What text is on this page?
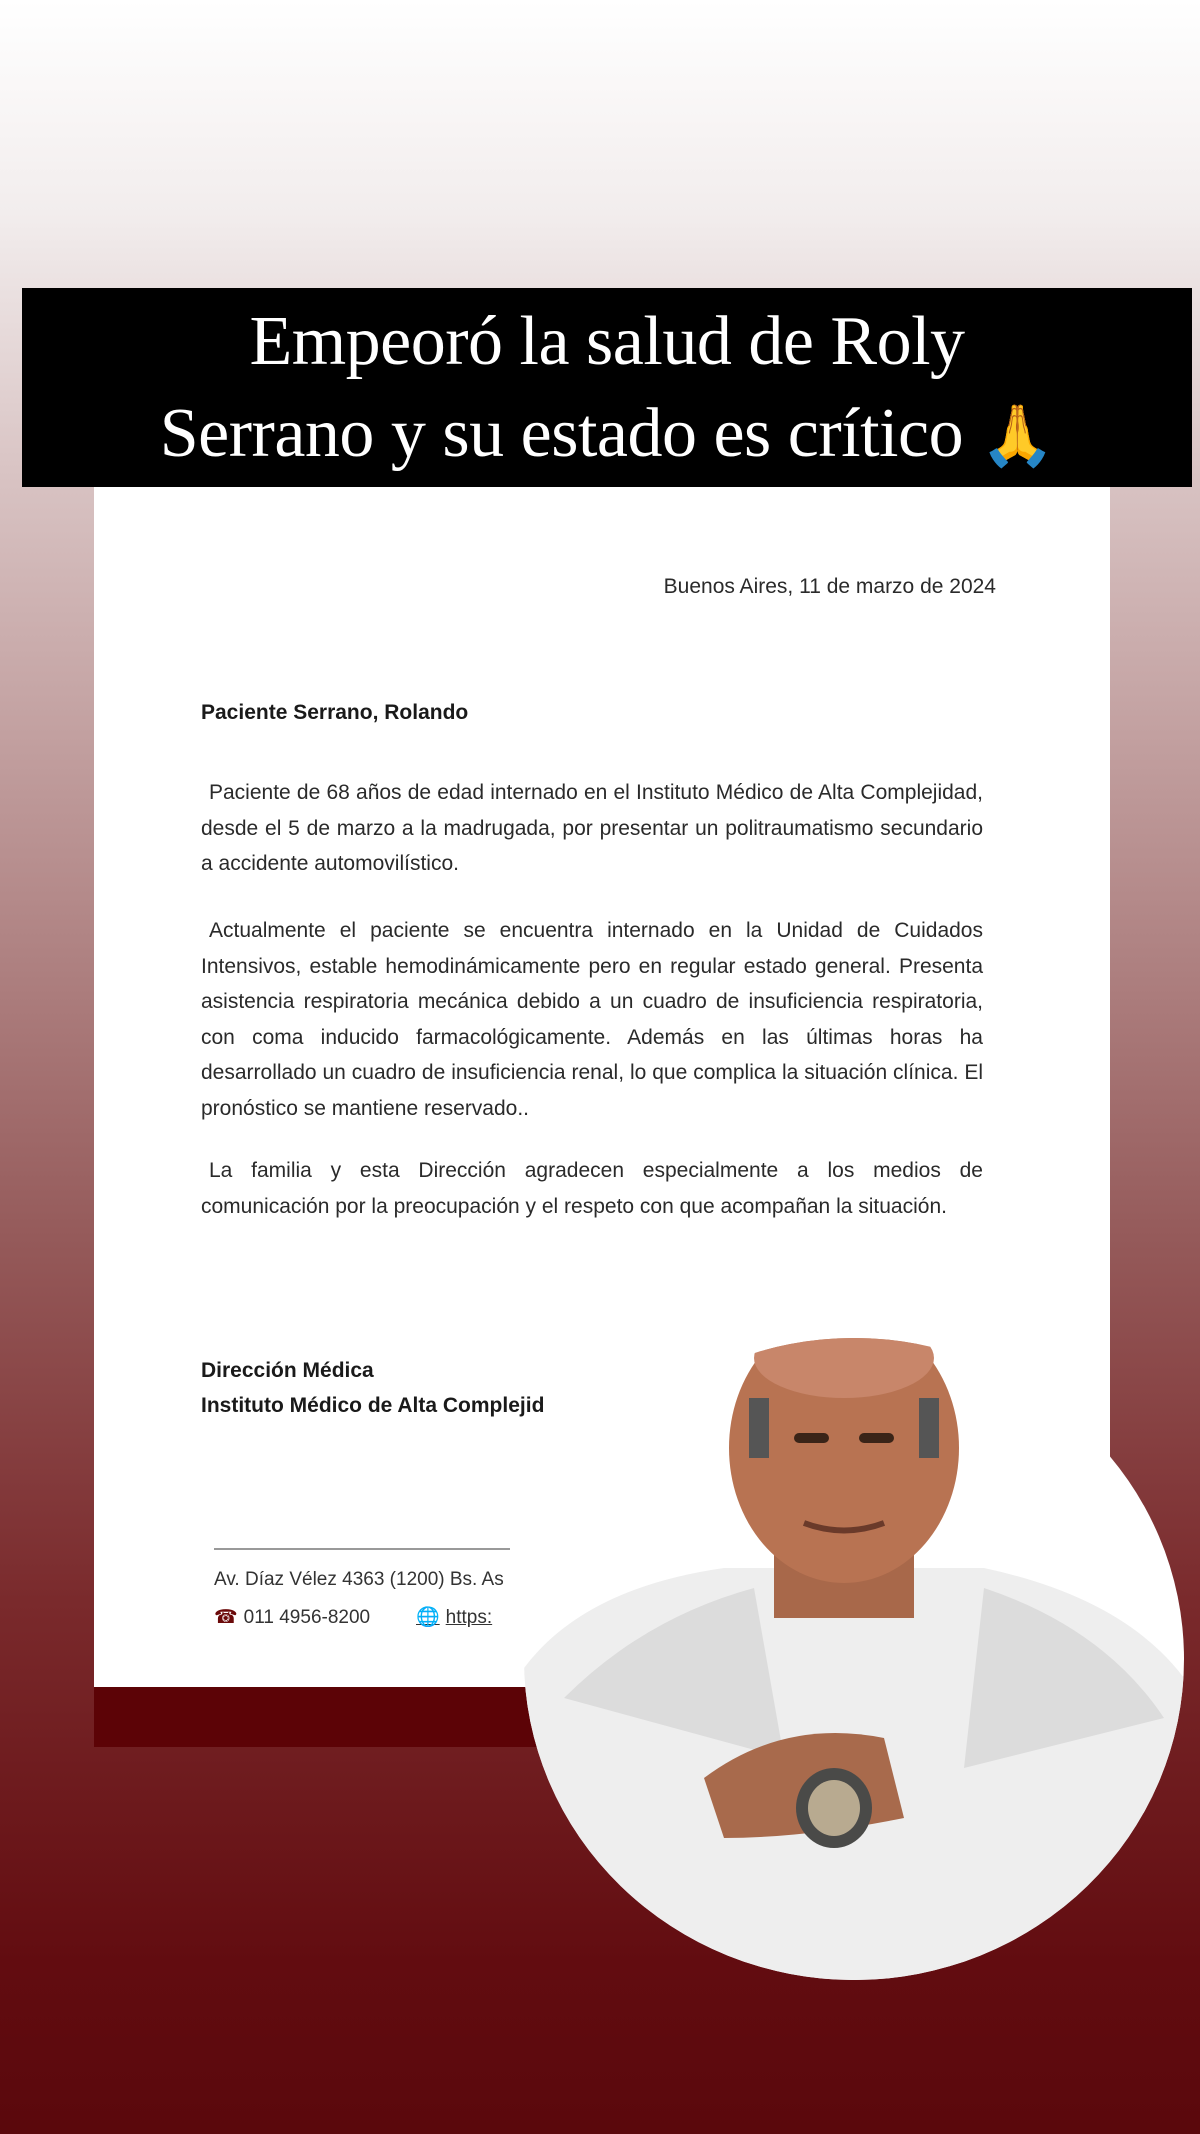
Empeoró la salud de Roly
Serrano y su estado es crítico 🙏
Buenos Aires, 11 de marzo de 2024
Paciente Serrano, Rolando
Paciente de 68 años de edad internado en el Instituto Médico de Alta Complejidad, desde el 5 de marzo a la madrugada, por presentar un politraumatismo secundario a accidente automovilístico.
Actualmente el paciente se encuentra internado en la Unidad de Cuidados Intensivos, estable hemodinámicamente pero en regular estado general. Presenta asistencia respiratoria mecánica debido a un cuadro de insuficiencia respiratoria, con coma inducido farmacológicamente. Además en las últimas horas ha desarrollado un cuadro de insuficiencia renal, lo que complica la situación clínica. El pronóstico se mantiene reservado..
La familia y esta Dirección agradecen especialmente a los medios de comunicación por la preocupación y el respeto con que acompañan la situación.
Dirección Médica
Instituto Médico de Alta Complejid
Av. Díaz Vélez 4363 (1200) Bs. As
☎ 011 4956-8200 🌐 https:
